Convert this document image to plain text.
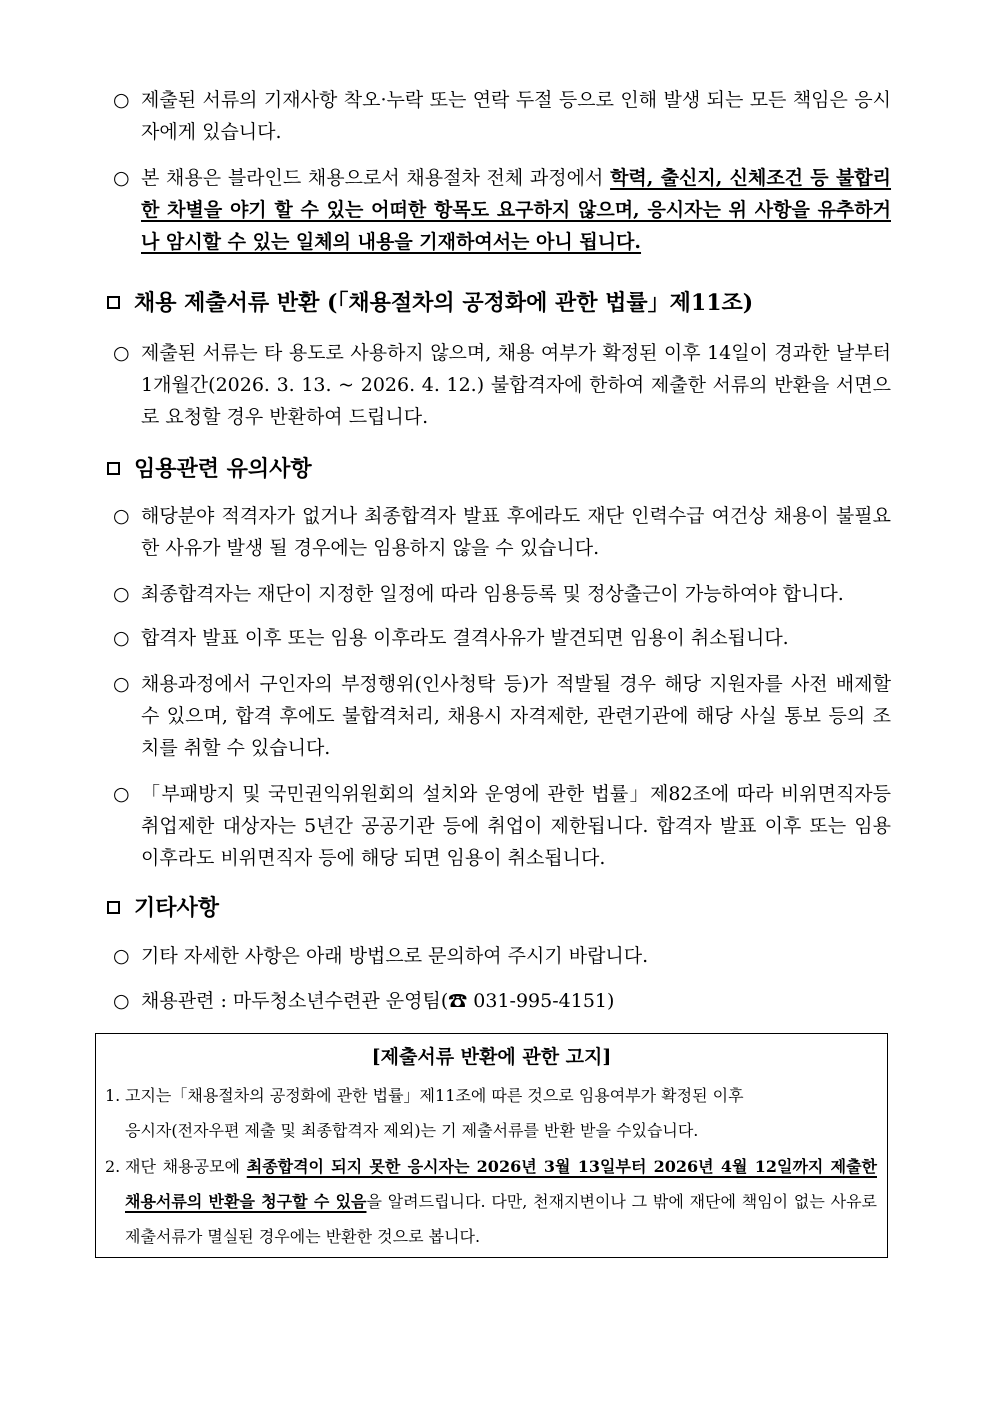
○ 제출된 서류의 기재사항 착오·누락 또는 연락 두절 등으로 인해 발생 되는 모든 책임은 응시자에게 있습니다.
○ 본 채용은 블라인드 채용으로서 채용절차 전체 과정에서 학력, 출신지, 신체조건 등 불합리한 차별을 야기 할 수 있는 어떠한 항목도 요구하지 않으며, 응시자는 위 사항을 유추하거나 암시할 수 있는 일체의 내용을 기재하여서는 아니 됩니다.
채용 제출서류 반환 (「채용절차의 공정화에 관한 법률」제11조)
○ 제출된 서류는 타 용도로 사용하지 않으며, 채용 여부가 확정된 이후 14일이 경과한 날부터 1개월간(2026. 3. 13. ~ 2026. 4. 12.) 불합격자에 한하여 제출한 서류의 반환을 서면으로 요청할 경우 반환하여 드립니다.
임용관련 유의사항
○ 해당분야 적격자가 없거나 최종합격자 발표 후에라도 재단 인력수급 여건상 채용이 불필요한 사유가 발생 될 경우에는 임용하지 않을 수 있습니다.
○ 최종합격자는 재단이 지정한 일정에 따라 임용등록 및 정상출근이 가능하여야 합니다.
○ 합격자 발표 이후 또는 임용 이후라도 결격사유가 발견되면 임용이 취소됩니다.
○ 채용과정에서 구인자의 부정행위(인사청탁 등)가 적발될 경우 해당 지원자를 사전 배제할 수 있으며, 합격 후에도 불합격처리, 채용시 자격제한, 관련기관에 해당 사실 통보 등의 조치를 취할 수 있습니다.
○ 「부패방지 및 국민권익위원회의 설치와 운영에 관한 법률」제82조에 따라 비위면직자등 취업제한 대상자는 5년간 공공기관 등에 취업이 제한됩니다. 합격자 발표 이후 또는 임용 이후라도 비위면직자 등에 해당 되면 임용이 취소됩니다.
기타사항
○ 기타 자세한 사항은 아래 방법으로 문의하여 주시기 바랍니다.
○ 채용관련 : 마두청소년수련관 운영팀(☎ 031-995-4151)
[제출서류 반환에 관한 고지]
1. 고지는「채용절차의 공정화에 관한 법률」제11조에 따른 것으로 임용여부가 확정된 이후
응시자(전자우편 제출 및 최종합격자 제외)는 기 제출서류를 반환 받을 수있습니다.
2. 재단 채용공모에 최종합격이 되지 못한 응시자는 2026년 3월 13일부터 2026년 4월 12일까지 제출한 채용서류의 반환을 청구할 수 있음을 알려드립니다. 다만, 천재지변이나 그 밖에 재단에 책임이 없는 사유로 제출서류가 멸실된 경우에는 반환한 것으로 봅니다.
